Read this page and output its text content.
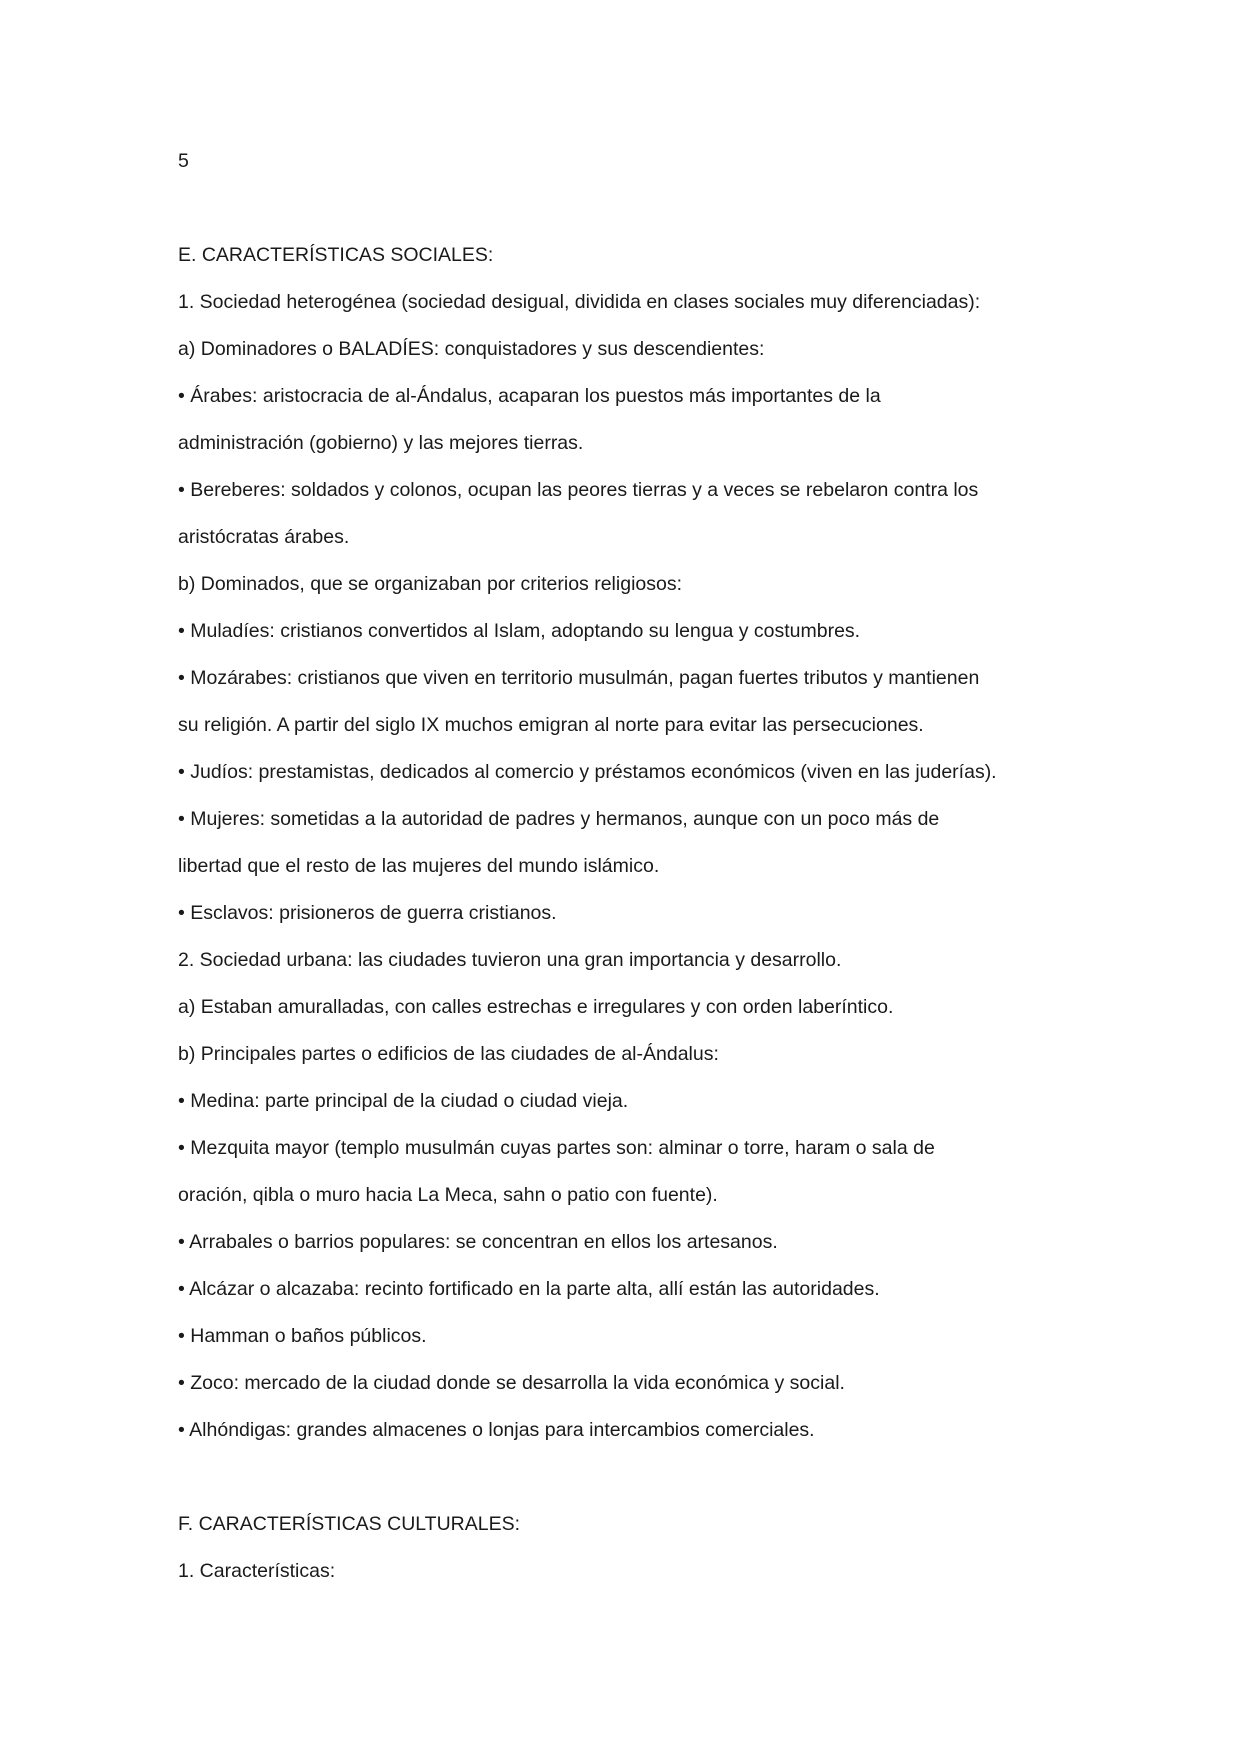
5
E. CARACTERÍSTICAS SOCIALES:
1. Sociedad heterogénea (sociedad desigual, dividida en clases sociales muy diferenciadas):
a) Dominadores o BALADÍES: conquistadores y sus descendientes:
• Árabes: aristocracia de al-Ándalus, acaparan los puestos más importantes de la
administración (gobierno) y las mejores tierras.
• Bereberes: soldados y colonos, ocupan las peores tierras y a veces se rebelaron contra los
aristócratas árabes.
b) Dominados, que se organizaban por criterios religiosos:
• Muladíes: cristianos convertidos al Islam, adoptando su lengua y costumbres.
• Mozárabes: cristianos que viven en territorio musulmán, pagan fuertes tributos y mantienen
su religión. A partir del siglo IX muchos emigran al norte para evitar las persecuciones.
• Judíos: prestamistas, dedicados al comercio y préstamos económicos (viven en las juderías).
• Mujeres: sometidas a la autoridad de padres y hermanos, aunque con un poco más de
libertad que el resto de las mujeres del mundo islámico.
• Esclavos: prisioneros de guerra cristianos.
2. Sociedad urbana: las ciudades tuvieron una gran importancia y desarrollo.
a) Estaban amuralladas, con calles estrechas e irregulares y con orden laberíntico.
b) Principales partes o edificios de las ciudades de al-Ándalus:
• Medina: parte principal de la ciudad o ciudad vieja.
• Mezquita mayor (templo musulmán cuyas partes son: alminar o torre, haram o sala de
oración, qibla o muro hacia La Meca, sahn o patio con fuente).
• Arrabales o barrios populares: se concentran en ellos los artesanos.
• Alcázar o alcazaba: recinto fortificado en la parte alta, allí están las autoridades.
• Hamman o baños públicos.
• Zoco: mercado de la ciudad donde se desarrolla la vida económica y social.
• Alhóndigas: grandes almacenes o lonjas para intercambios comerciales.
F. CARACTERÍSTICAS CULTURALES:
1. Características:
